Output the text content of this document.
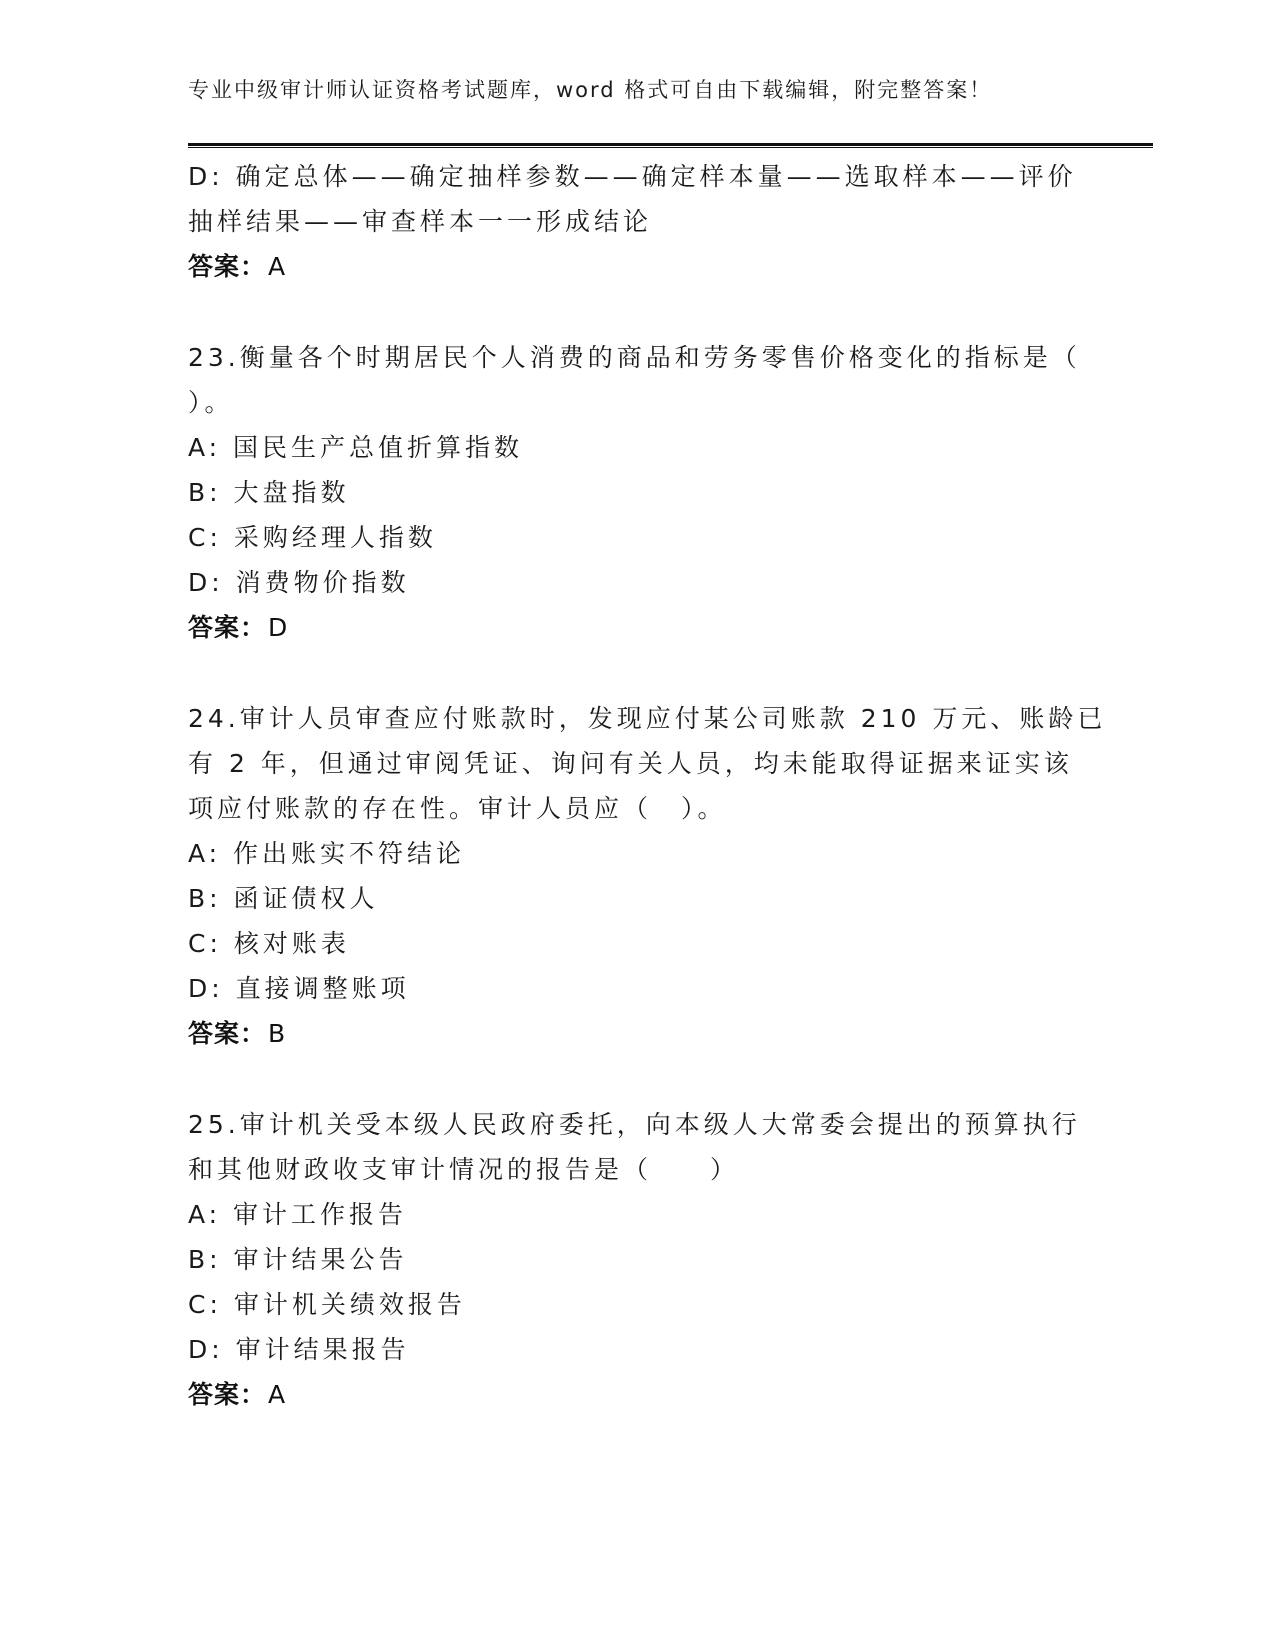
专业中级审计师认证资格考试题库，word 格式可自由下载编辑，附完整答案！
D: 确定总体——确定抽样参数——确定样本量——选取样本——评价
抽样结果——审查样本一一形成结论
答案：A
23.衡量各个时期居民个人消费的商品和劳务零售价格变化的指标是（
）。
A: 国民生产总值折算指数
B: 大盘指数
C: 采购经理人指数
D: 消费物价指数
答案：D
24.审计人员审查应付账款时，发现应付某公司账款 210 万元、账龄已
有 2 年，但通过审阅凭证、询问有关人员，均未能取得证据来证实该
项应付账款的存在性。审计人员应（　）。
A: 作出账实不符结论
B: 函证债权人
C: 核对账表
D: 直接调整账项
答案：B
25.审计机关受本级人民政府委托，向本级人大常委会提出的预算执行
和其他财政收支审计情况的报告是（　　）
A: 审计工作报告
B: 审计结果公告
C: 审计机关绩效报告
D: 审计结果报告
答案：A
